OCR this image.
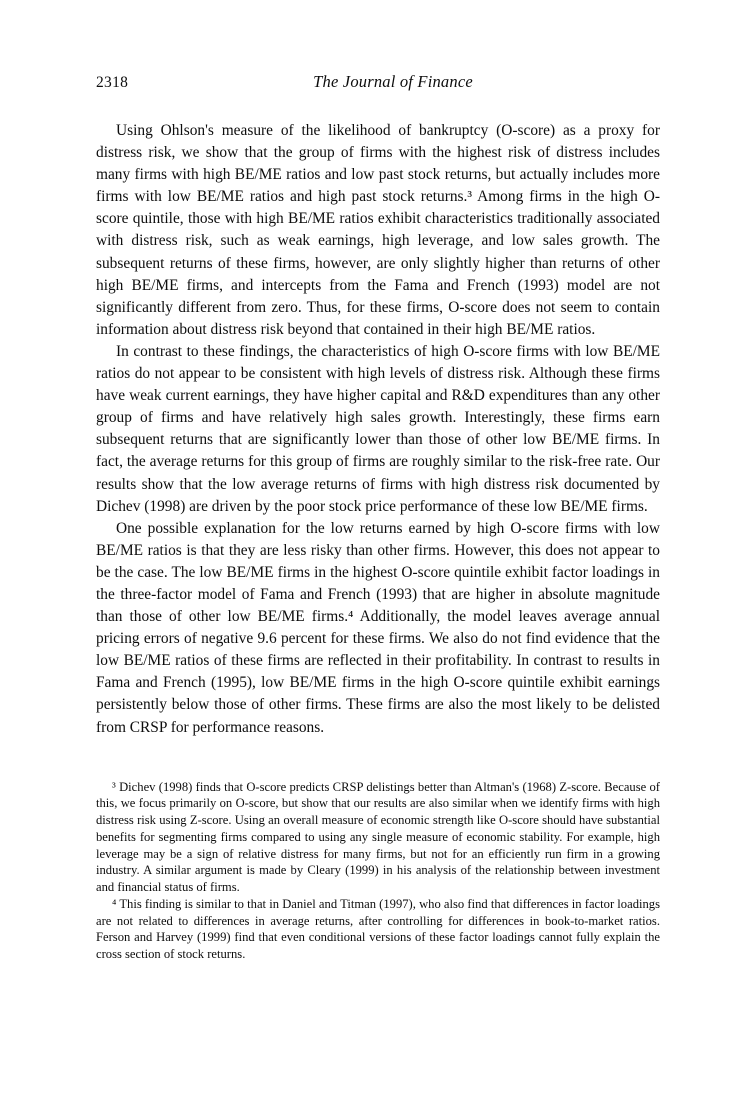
2318	The Journal of Finance

Using Ohlson's measure of the likelihood of bankruptcy (O-score) as a proxy for distress risk, we show that the group of firms with the highest risk of distress includes many firms with high BE/ME ratios and low past stock returns, but actually includes more firms with low BE/ME ratios and high past stock returns.³ Among firms in the high O-score quintile, those with high BE/ME ratios exhibit characteristics traditionally associated with distress risk, such as weak earnings, high leverage, and low sales growth. The subsequent returns of these firms, however, are only slightly higher than returns of other high BE/ME firms, and intercepts from the Fama and French (1993) model are not significantly different from zero. Thus, for these firms, O-score does not seem to contain information about distress risk beyond that contained in their high BE/ME ratios.

In contrast to these findings, the characteristics of high O-score firms with low BE/ME ratios do not appear to be consistent with high levels of distress risk. Although these firms have weak current earnings, they have higher capital and R&D expenditures than any other group of firms and have relatively high sales growth. Interestingly, these firms earn subsequent returns that are significantly lower than those of other low BE/ME firms. In fact, the average returns for this group of firms are roughly similar to the risk-free rate. Our results show that the low average returns of firms with high distress risk documented by Dichev (1998) are driven by the poor stock price performance of these low BE/ME firms.

One possible explanation for the low returns earned by high O-score firms with low BE/ME ratios is that they are less risky than other firms. However, this does not appear to be the case. The low BE/ME firms in the highest O-score quintile exhibit factor loadings in the three-factor model of Fama and French (1993) that are higher in absolute magnitude than those of other low BE/ME firms.⁴ Additionally, the model leaves average annual pricing errors of negative 9.6 percent for these firms. We also do not find evidence that the low BE/ME ratios of these firms are reflected in their profitability. In contrast to results in Fama and French (1995), low BE/ME firms in the high O-score quintile exhibit earnings persistently below those of other firms. These firms are also the most likely to be delisted from CRSP for performance reasons.

³ Dichev (1998) finds that O-score predicts CRSP delistings better than Altman's (1968) Z-score. Because of this, we focus primarily on O-score, but show that our results are also similar when we identify firms with high distress risk using Z-score. Using an overall measure of economic strength like O-score should have substantial benefits for segmenting firms compared to using any single measure of economic stability. For example, high leverage may be a sign of relative distress for many firms, but not for an efficiently run firm in a growing industry. A similar argument is made by Cleary (1999) in his analysis of the relationship between investment and financial status of firms.

⁴ This finding is similar to that in Daniel and Titman (1997), who also find that differences in factor loadings are not related to differences in average returns, after controlling for differences in book-to-market ratios. Ferson and Harvey (1999) find that even conditional versions of these factor loadings cannot fully explain the cross section of stock returns.
